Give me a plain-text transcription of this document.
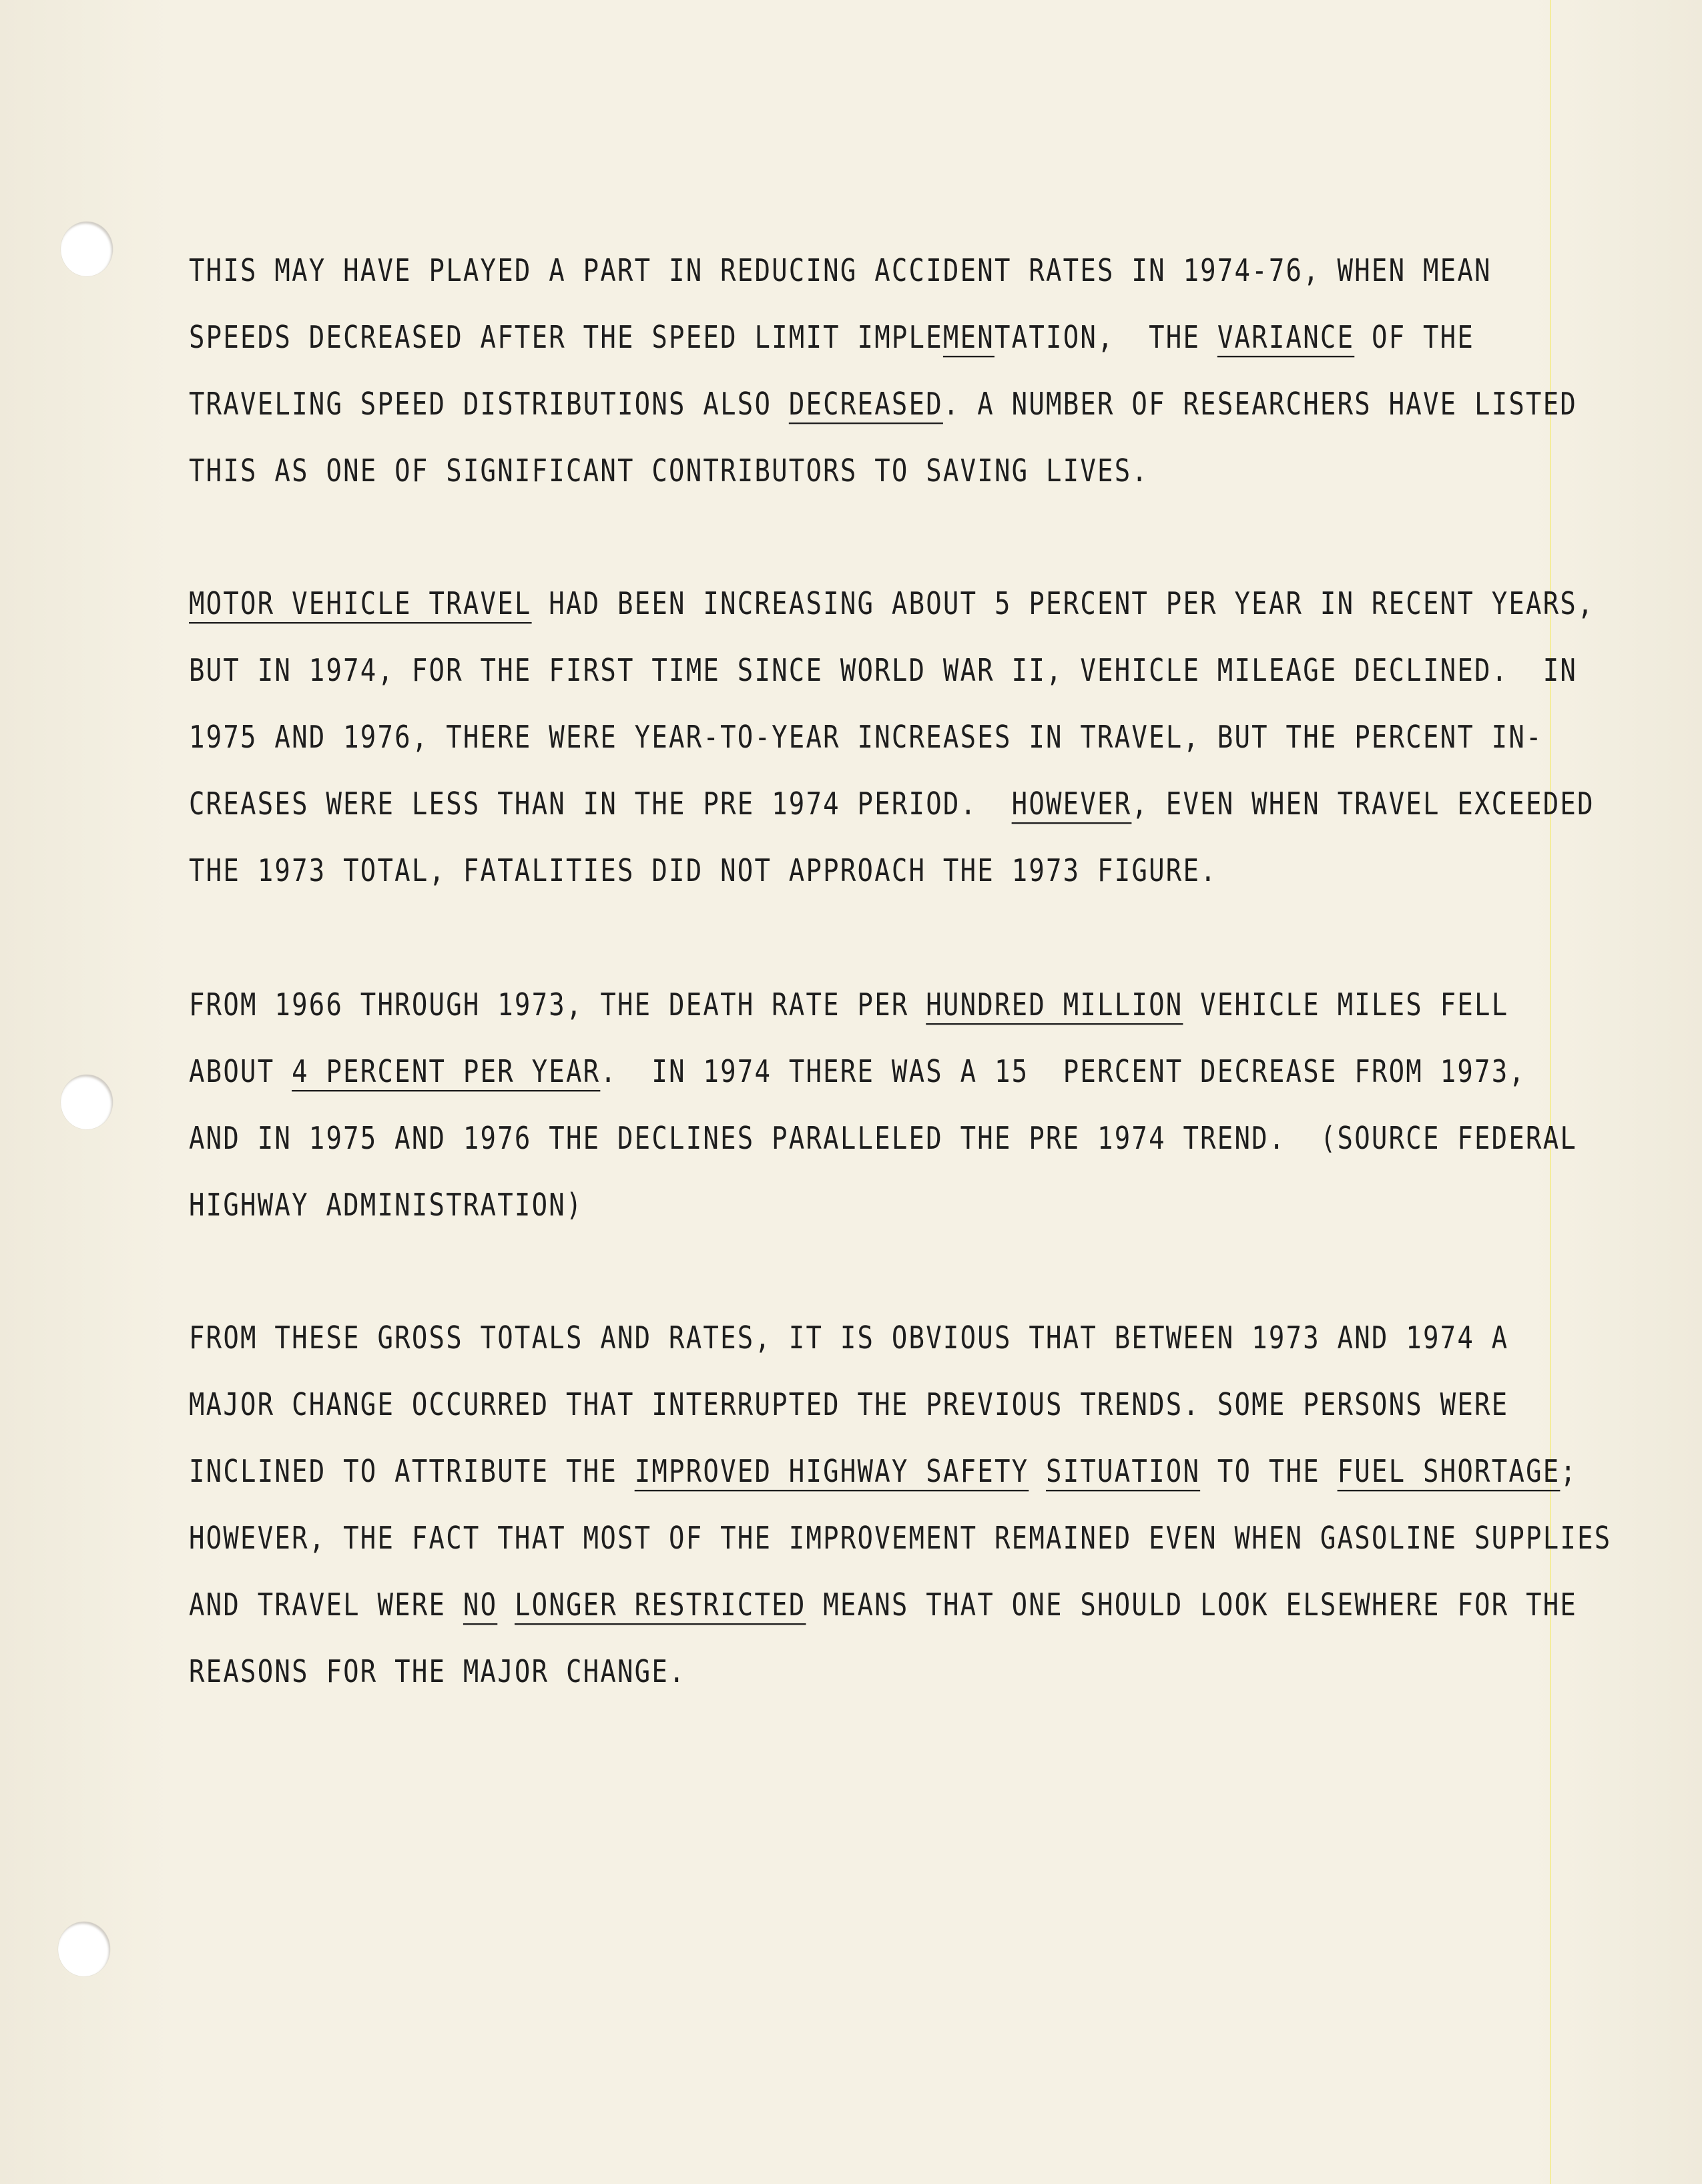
THIS MAY HAVE PLAYED A PART IN REDUCING ACCIDENT RATES IN 1974-76, WHEN MEAN
SPEEDS DECREASED AFTER THE SPEED LIMIT IMPLEMENTATION,  THE VARIANCE OF THE
TRAVELING SPEED DISTRIBUTIONS ALSO DECREASED. A NUMBER OF RESEARCHERS HAVE LISTED
THIS AS ONE OF SIGNIFICANT CONTRIBUTORS TO SAVING LIVES.
MOTOR VEHICLE TRAVEL HAD BEEN INCREASING ABOUT 5 PERCENT PER YEAR IN RECENT YEARS,
BUT IN 1974, FOR THE FIRST TIME SINCE WORLD WAR II, VEHICLE MILEAGE DECLINED.  IN
1975 AND 1976, THERE WERE YEAR-TO-YEAR INCREASES IN TRAVEL, BUT THE PERCENT IN-
CREASES WERE LESS THAN IN THE PRE 1974 PERIOD.  HOWEVER, EVEN WHEN TRAVEL EXCEEDED
THE 1973 TOTAL, FATALITIES DID NOT APPROACH THE 1973 FIGURE.
FROM 1966 THROUGH 1973, THE DEATH RATE PER HUNDRED MILLION VEHICLE MILES FELL
ABOUT 4 PERCENT PER YEAR.  IN 1974 THERE WAS A 15  PERCENT DECREASE FROM 1973,
AND IN 1975 AND 1976 THE DECLINES PARALLELED THE PRE 1974 TREND.  (SOURCE FEDERAL
HIGHWAY ADMINISTRATION)
FROM THESE GROSS TOTALS AND RATES, IT IS OBVIOUS THAT BETWEEN 1973 AND 1974 A
MAJOR CHANGE OCCURRED THAT INTERRUPTED THE PREVIOUS TRENDS. SOME PERSONS WERE
INCLINED TO ATTRIBUTE THE IMPROVED HIGHWAY SAFETY SITUATION TO THE FUEL SHORTAGE;
HOWEVER, THE FACT THAT MOST OF THE IMPROVEMENT REMAINED EVEN WHEN GASOLINE SUPPLIES
AND TRAVEL WERE NO LONGER RESTRICTED MEANS THAT ONE SHOULD LOOK ELSEWHERE FOR THE
REASONS FOR THE MAJOR CHANGE.
